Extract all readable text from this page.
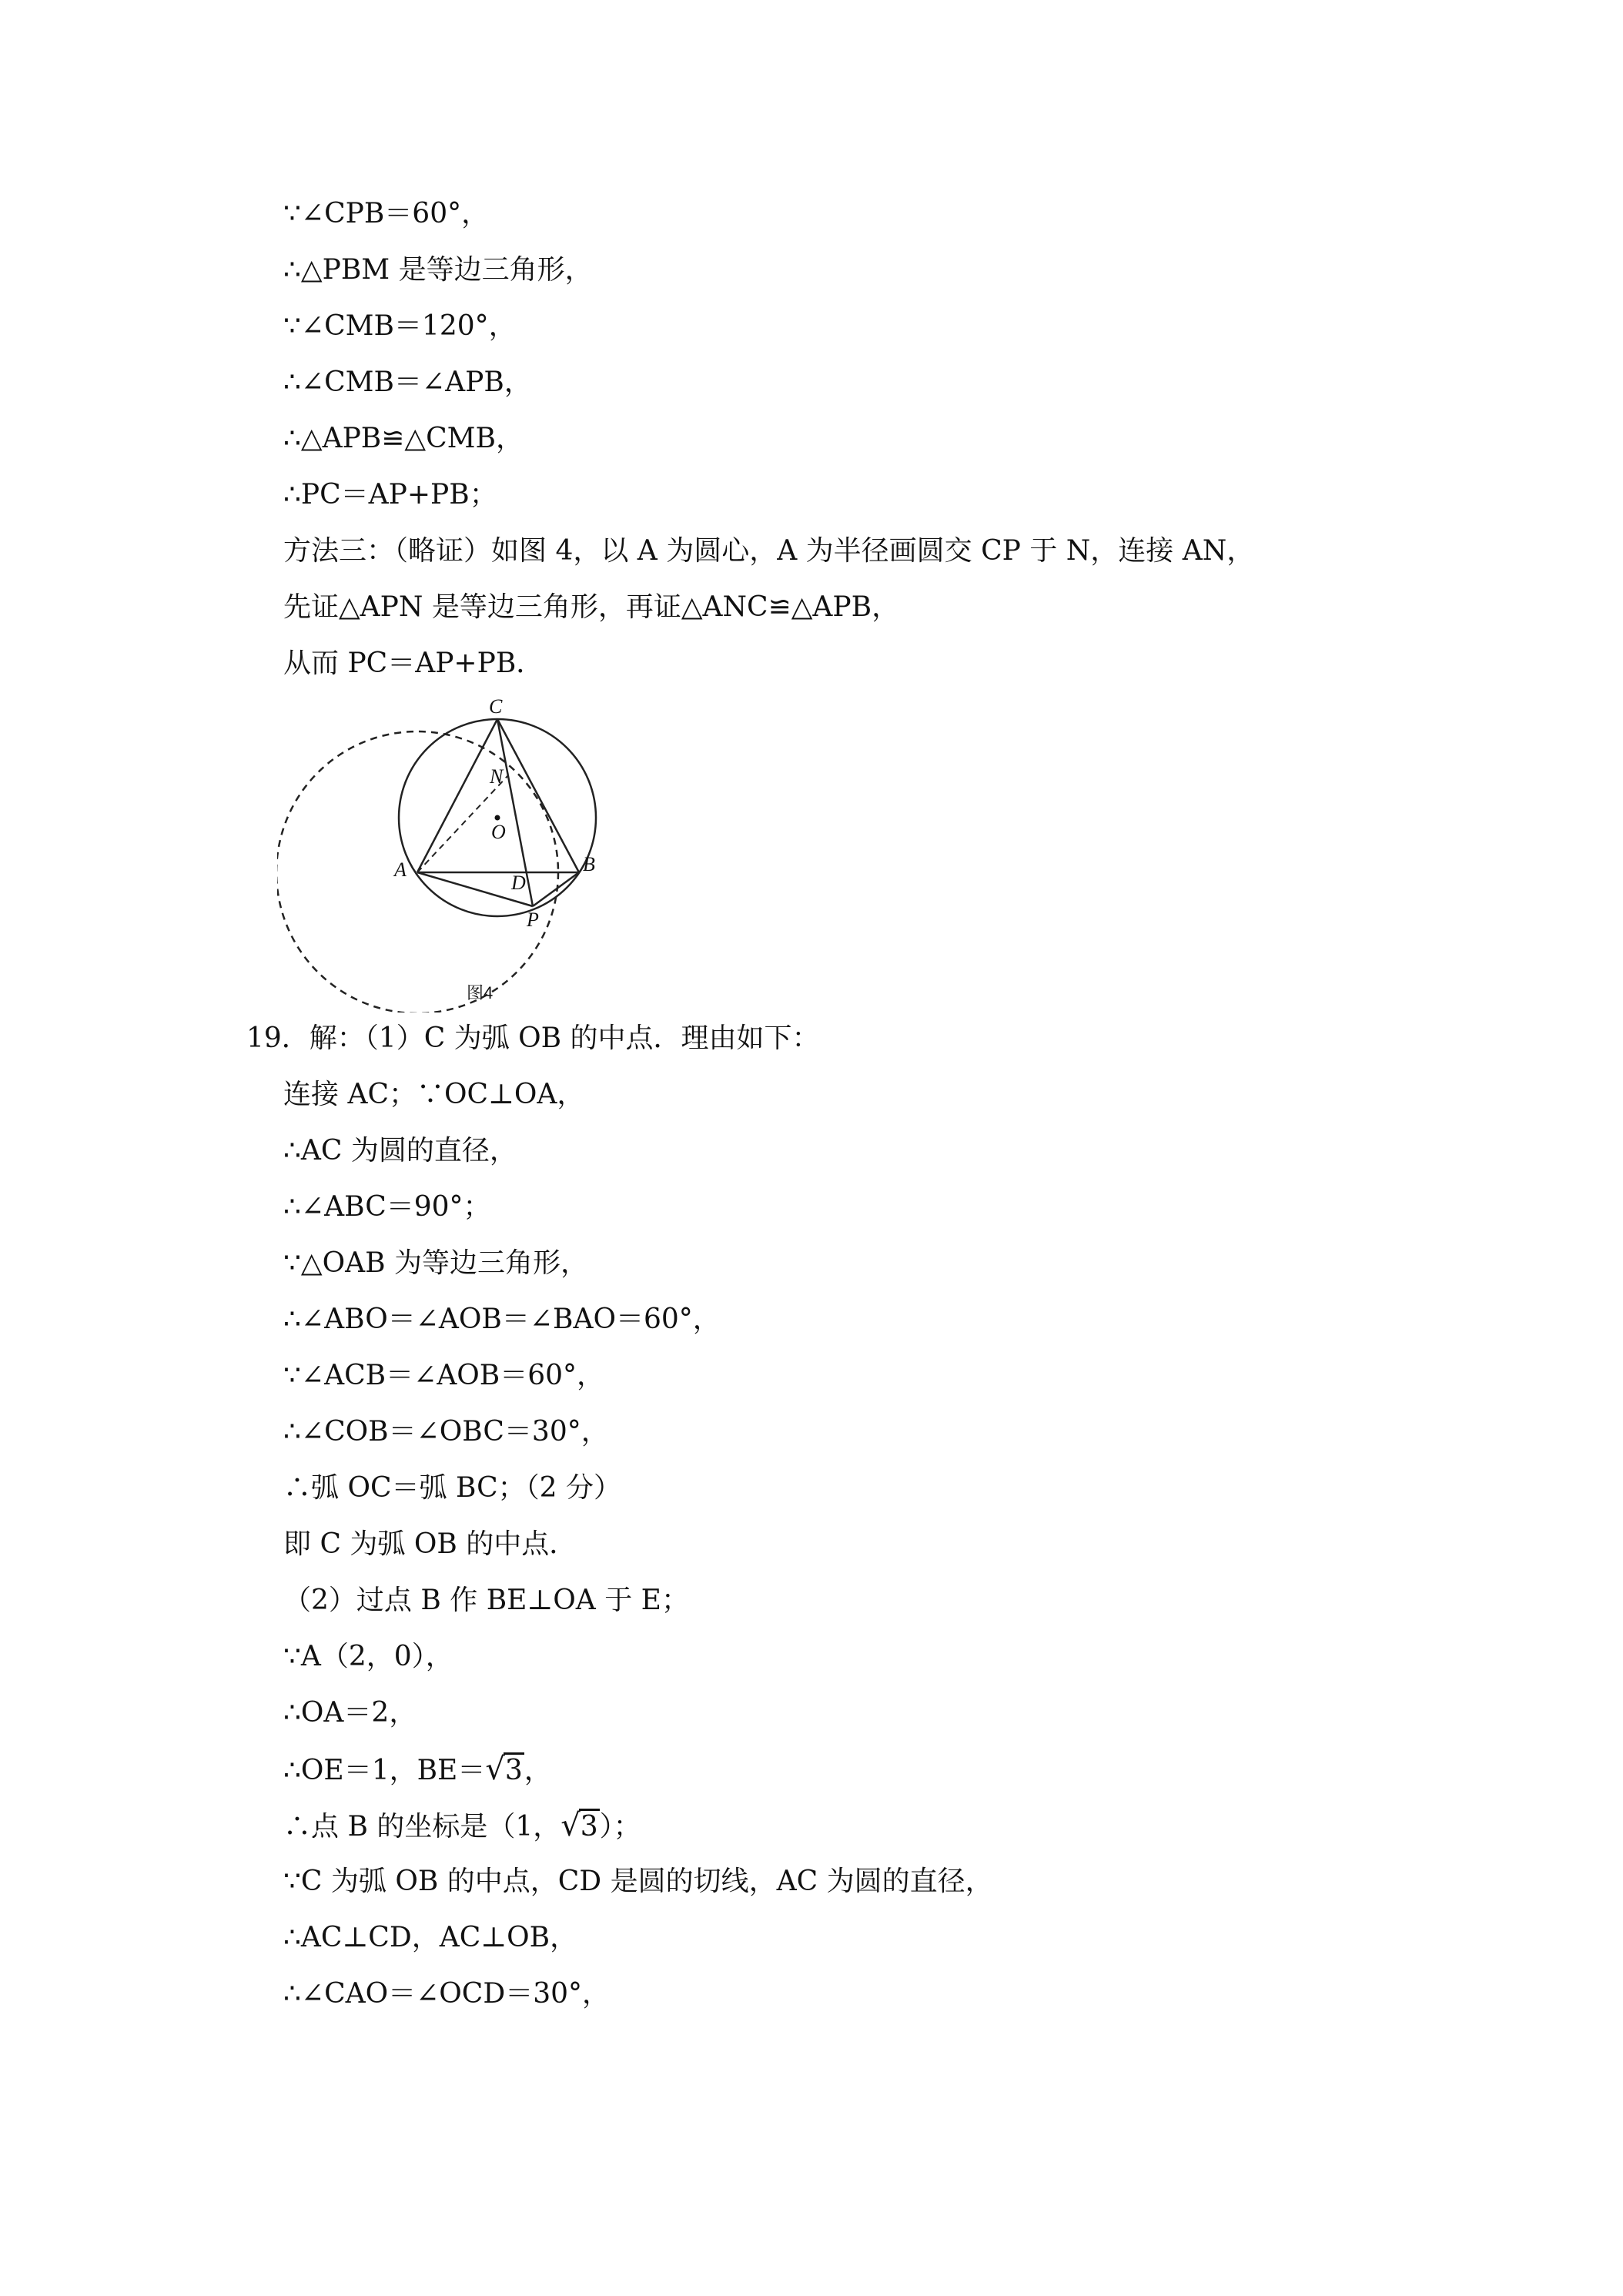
∵∠CPB＝60°，
∴△PBM 是等边三角形，
∵∠CMB＝120°，
∴∠CMB＝∠APB，
∴△APB≌△CMB，
∴PC＝AP+PB；
方法三：（略证）如图 4，以 A 为圆心，A 为半径画圆交 CP 于 N，连接 AN，
先证△APN 是等边三角形，再证△ANC≌△APB，
从而 PC＝AP+PB．
C
N
O
A	B
D
P
图4
19．解：（1）C 为弧 OB 的中点．理由如下：
连接 AC；∵OC⊥OA，
∴AC 为圆的直径，
∴∠ABC＝90°；
∵△OAB 为等边三角形，
∴∠ABO＝∠AOB＝∠BAO＝60°，
∵∠ACB＝∠AOB＝60°，
∴∠COB＝∠OBC＝30°，
∴弧 OC＝弧 BC；（2 分）
即 C 为弧 OB 的中点．
（2）过点 B 作 BE⊥OA 于 E；
∵A（2，0），
∴OA＝2，
∴OE＝1，BE＝√3，
∴点 B 的坐标是（1，√3）；
∵C 为弧 OB 的中点，CD 是圆的切线，AC 为圆的直径，
∴AC⊥CD，AC⊥OB，
∴∠CAO＝∠OCD＝30°，
